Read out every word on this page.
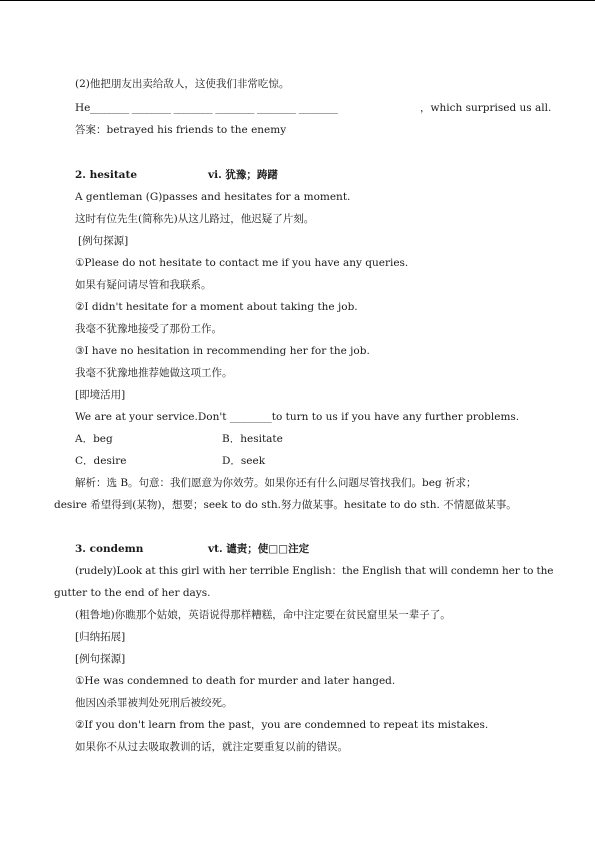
(2)他把朋友出卖给敌人，这使我们非常吃惊。
He ________ ________ ________ ________ ________ ________	，which surprised us all.
答案：betrayed his friends to the enemy
2. hesitate	vi. 犹豫；踌躇
A gentleman (G)passes and hesitates for a moment.
这时有位先生(简称先)从这儿路过，他迟疑了片刻。
[例句探源]
①Please do not hesitate to contact me if you have any queries.
如果有疑问请尽管和我联系。
②I didn't hesitate for a moment about taking the job.
我毫不犹豫地接受了那份工作。
③I have no hesitation in recommending her for the job.
我毫不犹豫地推荐她做这项工作。
[即境活用]
We are at your service.Don't ________to turn to us if you have any further problems.
A．beg	B．hesitate
C．desire	D．seek
解析：选 B。句意：我们愿意为你效劳。如果你还有什么问题尽管找我们。beg 祈求；
desire 希望得到(某物)，想要；seek to do sth.努力做某事。hesitate to do sth. 不情愿做某事。
3. condemn	vt. 谴责；使□□注定
(rudely)Look at this girl with her terrible English：the English that will condemn her to the
gutter to the end of her days.
(粗鲁地)你瞧那个姑娘，英语说得那样糟糕，命中注定要在贫民窟里呆一辈子了。
[归纳拓展]
[例句探源]
①He was condemned to death for murder and later hanged.
他因凶杀罪被判处死刑后被绞死。
②If you don't learn from the past，you are condemned to repeat its mistakes.
如果你不从过去吸取教训的话，就注定要重复以前的错误。
